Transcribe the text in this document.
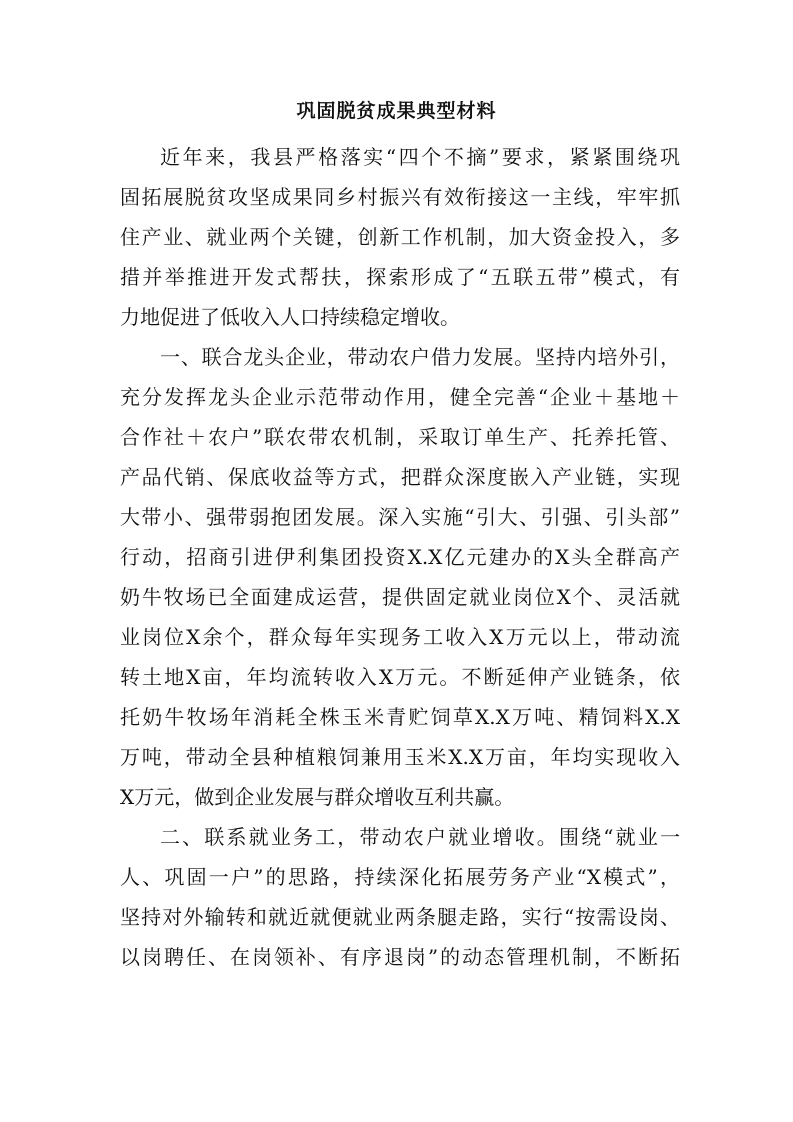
巩固脱贫成果典型材料
近年来，我县严格落实“四个不摘”要求，紧紧围绕巩
固拓展脱贫攻坚成果同乡村振兴有效衔接这一主线，牢牢抓
住产业、就业两个关键，创新工作机制，加大资金投入，多
措并举推进开发式帮扶，探索形成了“五联五带”模式，有
力地促进了低收入人口持续稳定增收。
一、联合龙头企业，带动农户借力发展。坚持内培外引，
充分发挥龙头企业示范带动作用，健全完善“企业＋基地＋
合作社＋农户”联农带农机制，采取订单生产、托养托管、
产品代销、保底收益等方式，把群众深度嵌入产业链，实现
大带小、强带弱抱团发展。深入实施“引大、引强、引头部”
行动，招商引进伊利集团投资X.X亿元建办的X头全群高产
奶牛牧场已全面建成运营，提供固定就业岗位X个、灵活就
业岗位X余个，群众每年实现务工收入X万元以上，带动流
转土地X亩，年均流转收入X万元。不断延伸产业链条，依
托奶牛牧场年消耗全株玉米青贮饲草X.X万吨、精饲料X.X
万吨，带动全县种植粮饲兼用玉米X.X万亩，年均实现收入
X万元，做到企业发展与群众增收互利共赢。
二、联系就业务工，带动农户就业增收。围绕“就业一
人、巩固一户”的思路，持续深化拓展劳务产业“X模式”，
坚持对外输转和就近就便就业两条腿走路，实行“按需设岗、
以岗聘任、在岗领补、有序退岗”的动态管理机制，不断拓
